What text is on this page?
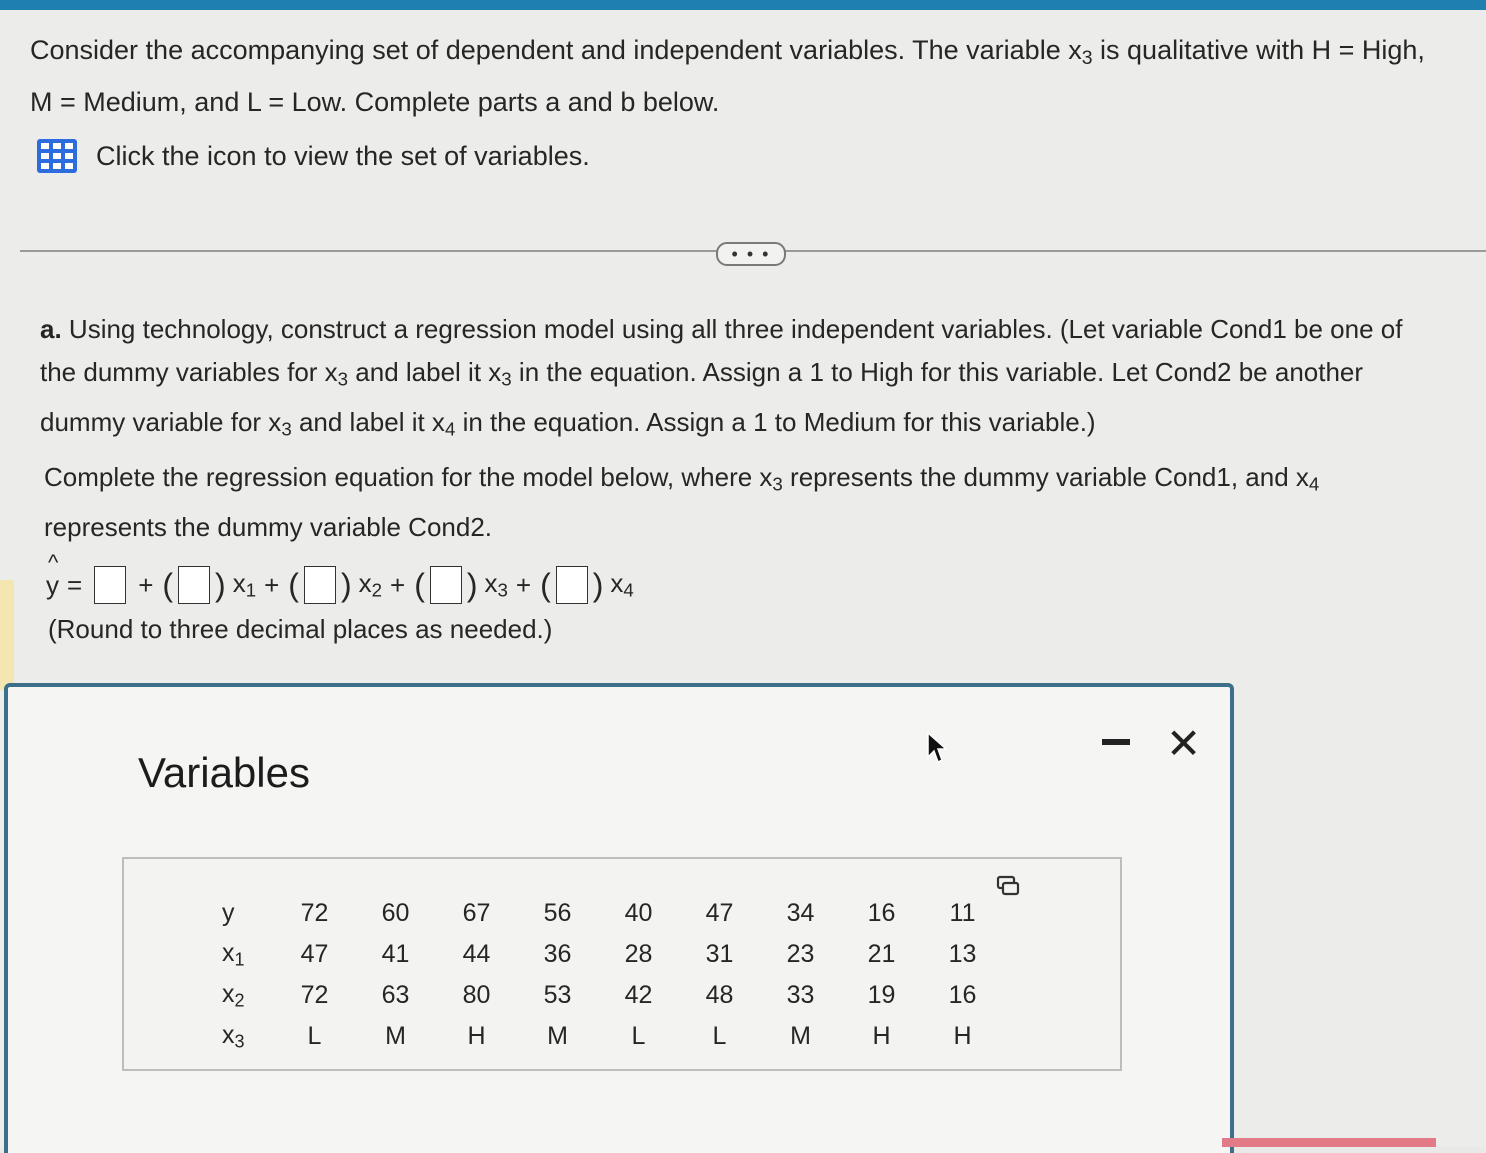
Consider the accompanying set of dependent and independent variables. The variable $x_3$ is qualitative with H = High,

M = Medium, and L = Low. Complete parts a and b below.

Click the icon to view the set of variables.
• • •

a. Using technology, construct a regression model using all three independent variables. (Let variable Cond1 be one of

the dummy variables for $x_3$ and label it $x_3$ in the equation. Assign a 1 to High for this variable. Let Cond2 be another

dummy variable for $x_3$ and label it $x_4$ in the equation. Assign a 1 to Medium for this variable.)

Complete the regression equation for the model below, where $x_3$ represents the dummy variable Cond1, and $x_4$

represents the dummy variable Cond2.

^
y = + ( ) $x_1$ + ( ) $x_2$ + ( ) $x_3$ + ( ) $x_4$
(Round to three decimal places as needed.)
Variables
✕
y	72	60	67	56	40	47	34	16	11
$x_1$	47	41	44	36	28	31	23	21	13
$x_2$	72	63	80	53	42	48	33	19	16
$x_3$	L	M	H	M	L	L	M	H	H
